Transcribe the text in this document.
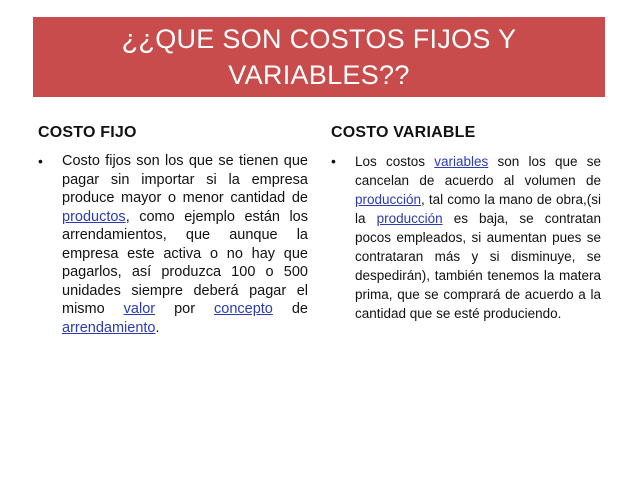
¿¿QUE SON COSTOS FIJOS Y
VARIABLES??
COSTO FIJO
•	Costo fijos son los que se tienen que pagar sin importar si la empresa produce mayor o menor cantidad de productos, como ejemplo están los arrendamientos, que aunque la empresa este activa o no hay que pagarlos, así produzca 100 o 500 unidades siempre deberá pagar el mismo valor por concepto de arrendamiento.

COSTO VARIABLE
•	Los costos variables son los que se cancelan de acuerdo al volumen de producción, tal como la mano de obra,(si la producción es baja, se contratan pocos empleados, si aumentan pues se contrataran más y si disminuye, se despedirán), también tenemos la matera prima, que se comprará de acuerdo a la cantidad que se esté produciendo.
